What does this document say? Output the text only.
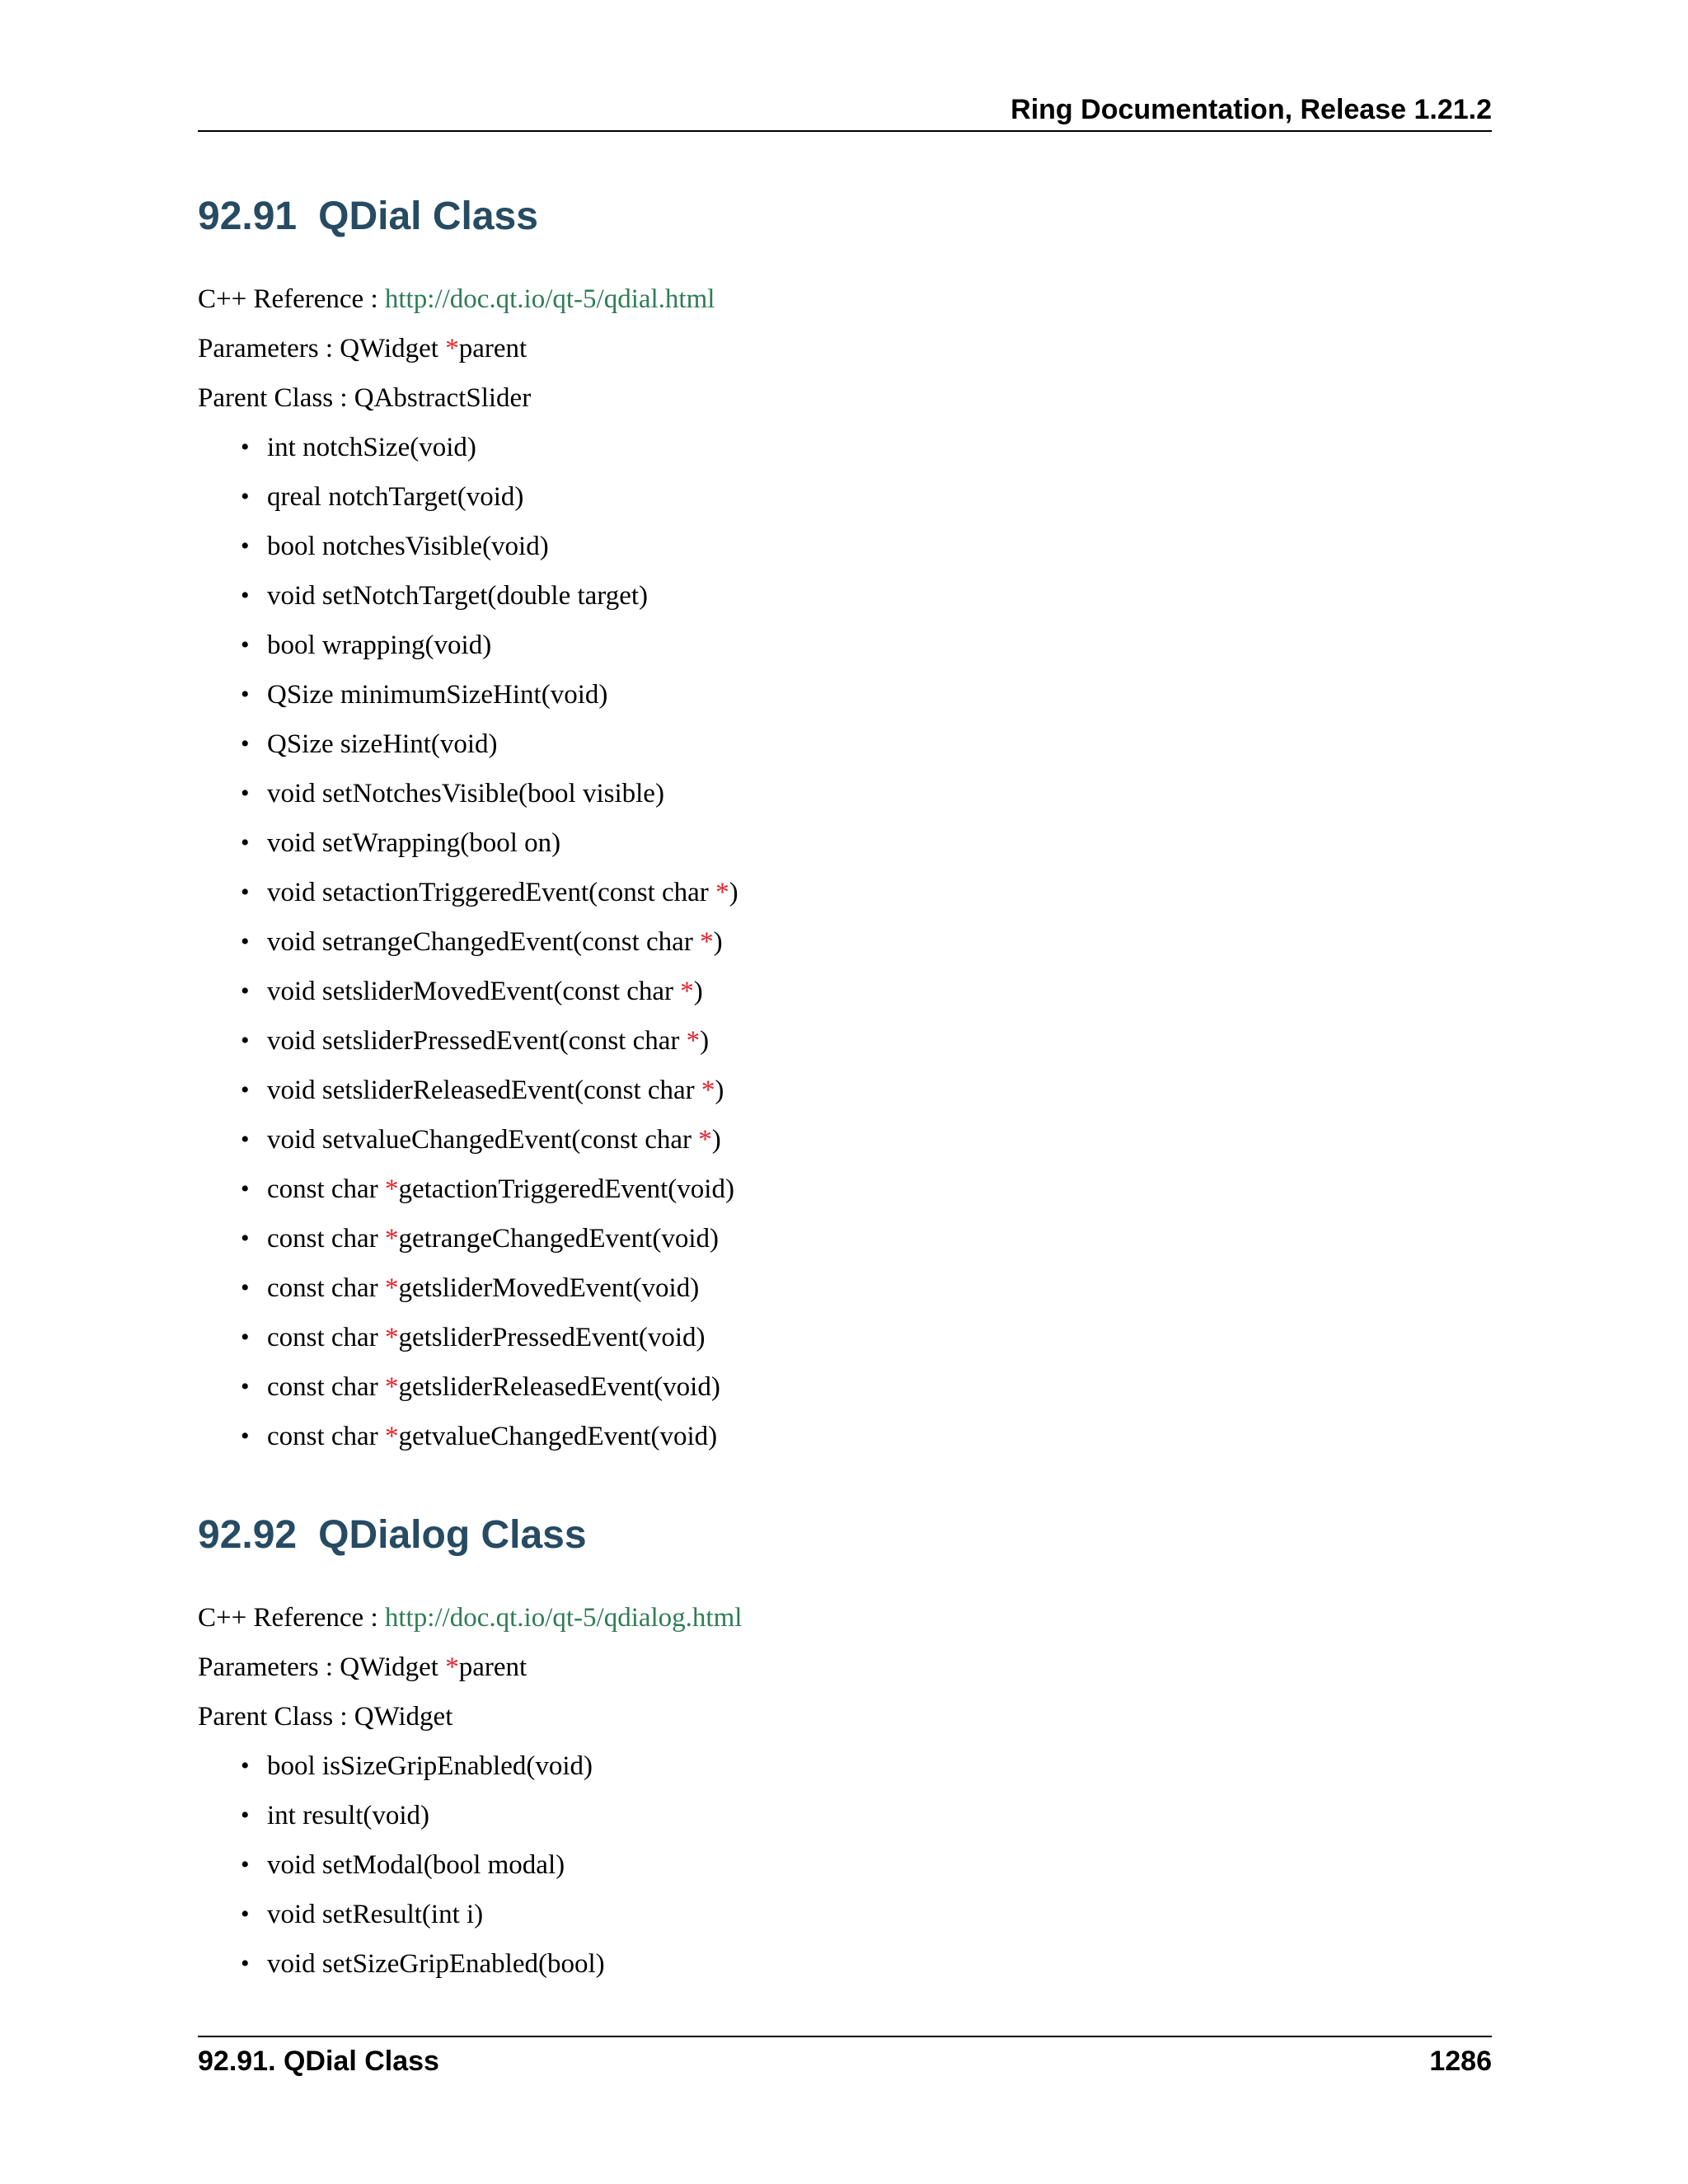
Ring Documentation, Release 1.21.2
92.91 QDial Class
C++ Reference : http://doc.qt.io/qt-5/qdial.html
Parameters : QWidget *parent
Parent Class : QAbstractSlider
• int notchSize(void)
• qreal notchTarget(void)
• bool notchesVisible(void)
• void setNotchTarget(double target)
• bool wrapping(void)
• QSize minimumSizeHint(void)
• QSize sizeHint(void)
• void setNotchesVisible(bool visible)
• void setWrapping(bool on)
• void setactionTriggeredEvent(const char *)
• void setrangeChangedEvent(const char *)
• void setsliderMovedEvent(const char *)
• void setsliderPressedEvent(const char *)
• void setsliderReleasedEvent(const char *)
• void setvalueChangedEvent(const char *)
• const char *getactionTriggeredEvent(void)
• const char *getrangeChangedEvent(void)
• const char *getsliderMovedEvent(void)
• const char *getsliderPressedEvent(void)
• const char *getsliderReleasedEvent(void)
• const char *getvalueChangedEvent(void)
92.92 QDialog Class
C++ Reference : http://doc.qt.io/qt-5/qdialog.html
Parameters : QWidget *parent
Parent Class : QWidget
• bool isSizeGripEnabled(void)
• int result(void)
• void setModal(bool modal)
• void setResult(int i)
• void setSizeGripEnabled(bool)
92.91. QDial Class	1286
